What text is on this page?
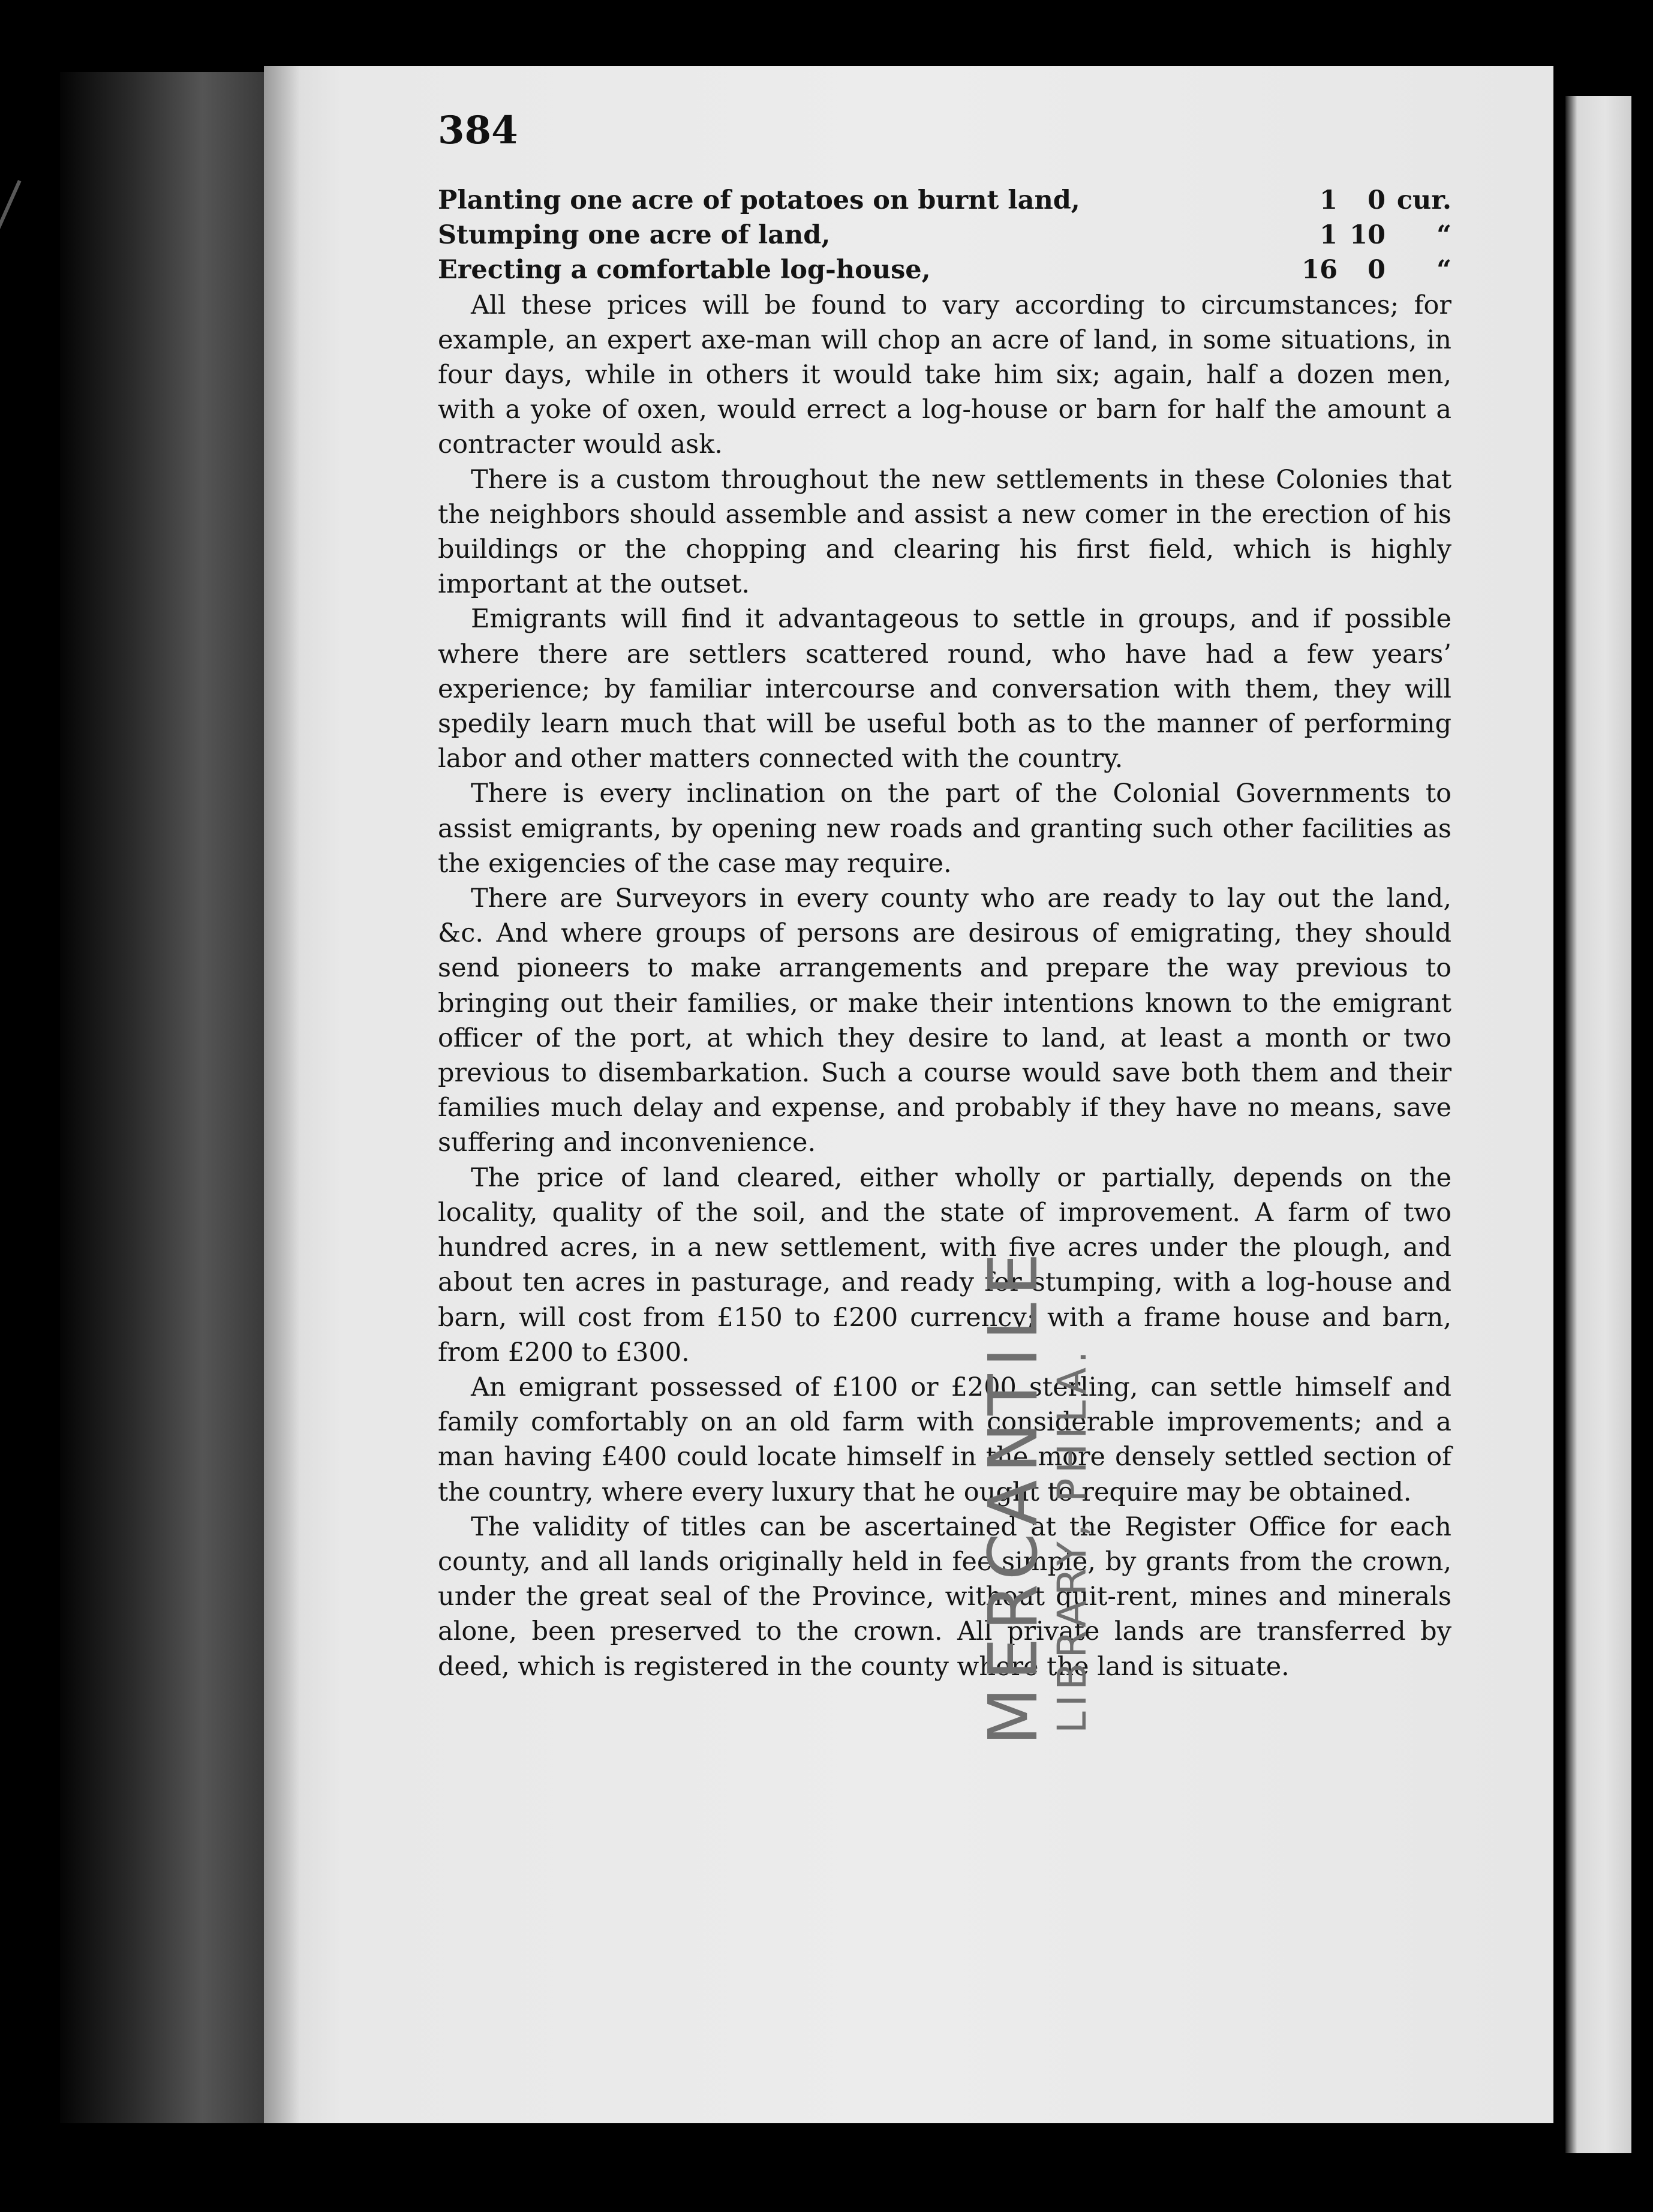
384
Planting one acre of potatoes on burnt land,	1	0 cur.
Stumping one acre of land,	1 10	“
Erecting a comfortable log-house,	16	0	“

All these prices will be found to vary according to circumstances; for example, an expert axe-man will chop an acre of land, in some situations, in four days, while in others it would take him six; again, half a dozen men, with a yoke of oxen, would errect a log-house or barn for half the amount a contracter would ask.

There is a custom throughout the new settlements in these Colonies that the neighbors should assemble and assist a new comer in the erection of his buildings or the chopping and clearing his first field, which is highly important at the outset.

Emigrants will find it advantageous to settle in groups, and if possible where there are settlers scattered round, who have had a few years’ experience; by familiar intercourse and conversation with them, they will spedily learn much that will be useful both as to the manner of performing labor and other matters connected with the country.

There is every inclination on the part of the Colonial Governments to assist emigrants, by opening new roads and granting such other facilities as the exigencies of the case may require.

There are Surveyors in every county who are ready to lay out the land, &c. And where groups of persons are desirous of emigrating, they should send pioneers to make arrangements and prepare the way previous to bringing out their families, or make their intentions known to the emigrant officer of the port, at which they desire to land, at least a month or two previous to disembarkation. Such a course would save both them and their families much delay and expense, and probably if they have no means, save suffering and inconvenience.

The price of land cleared, either wholly or partially, depends on the locality, quality of the soil, and the state of improvement. A farm of two hundred acres, in a new settlement, with five acres under the plough, and about ten acres in pasturage, and ready for stumping, with a log-house and barn, will cost from £150 to £200 currency; with a frame house and barn, from £200 to £300.

An emigrant possessed of £100 or £200 sterling, can settle himself and family comfortably on an old farm with considerable improvements; and a man having £400 could locate himself in the more densely settled section of the country, where every luxury that he ought to require may be obtained.

The validity of titles can be ascertained at the Register Office for each county, and all lands originally held in fee simple, by grants from the crown, under the great seal of the Province, without quit-rent, mines and minerals alone, been preserved to the crown. All private lands are transferred by deed, which is registered in the county where the land is situate.

MERCANTILE
LIBRARY, PHILA.
